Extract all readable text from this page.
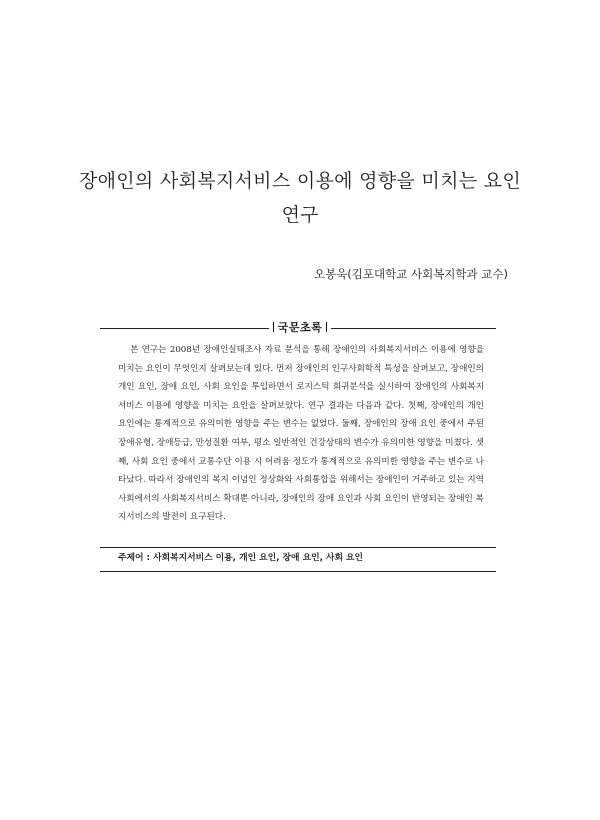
장애인의 사회복지서비스 이용에 영향을 미치는 요인
연구
오봉욱(김포대학교 사회복지학과 교수)
국문초록

본 연구는 2008년 장애인실태조사 자료 분석을 통해 장애인의 사회복지서비스 이용에 영향을 미치는 요인이 무엇인지 살펴보는데 있다. 먼저 장애인의 인구사회학적 특성을 살펴보고, 장애인의 개인 요인, 장애 요인, 사회 요인을 투입하면서 로지스틱 회귀분석을 실시하여 장애인의 사회복지서비스 이용에 영향을 미치는 요인을 살펴보았다. 연구 결과는 다음과 같다. 첫째, 장애인의 개인 요인에는 통계적으로 유의미한 영향을 주는 변수는 없었다. 둘째, 장애인의 장애 요인 중에서 주된 장애유형, 장애등급, 만성질환 여부, 평소 일반적인 건강상태의 변수가 유의미한 영향을 미쳤다. 셋째, 사회 요인 중에서 교통수단 이용 시 어려움 정도가 통계적으로 유의미한 영향을 주는 변수로 나타났다. 따라서 장애인의 복지 이념인 정상화와 사회통합을 위해서는 장애인이 거주하고 있는 지역사회에서의 사회복지서비스 확대뿐 아니라, 장애인의 장애 요인과 사회 요인이 반영되는 장애인 복지서비스의 발전이 요구된다.

주제어 : 사회복지서비스 이용, 개인 요인, 장애 요인, 사회 요인
